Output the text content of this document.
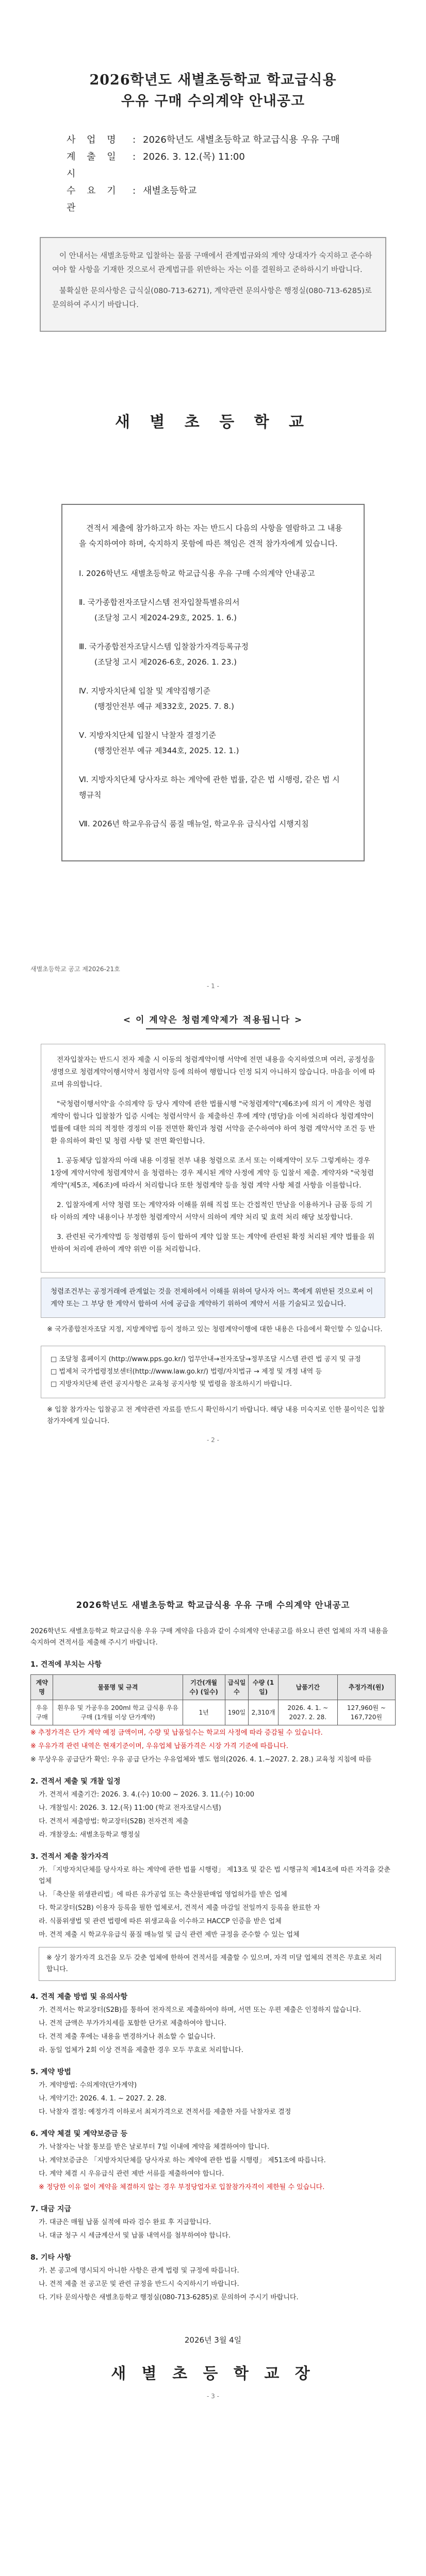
2026학년도 새별초등학교 학교급식용
우유 구매 수의계약 안내공고
사 업 명	: 2026학년도 새별초등학교 학교급식용 우유 구매
계 출 일 시
: 2026. 3. 12.(목) 11:00
수 요 기 관
: 새별초등학교

이 안내서는 새별초등학교 입찰하는 물품 구매에서 관계법규와의 계약 상대자가 숙지하고 준수하여야 할 사항을 기재한 것으로서 관계법규를 위반하는 자는 이를 결원하고 준하하시기 바랍니다.

불확실한 문의사항은 급식실(080-713-6271), 계약관련 문의사항은 행정실(080-713-6285)로 문의하여 주시기 바랍니다.

새 별 초 등 학 교
견적서 제출에 참가하고자 하는 자는 반드시 다음의 사항을 열람하고 그 내용을 숙지하여야 하며, 숙지하지 못함에 따른 책임은 견적 참가자에게 있습니다.
Ⅰ. 2026학년도 새별초등학교 학교급식용 우유 구매 수의계약 안내공고
Ⅱ. 국가종합전자조달시스템 전자입찰특별유의서
(조달청 고시 제2024-29호, 2025. 1. 6.)
Ⅲ. 국가종합전자조달시스템 입찰참가자격등록규정
(조달청 고시 제2026-6호, 2026. 1. 23.)
Ⅳ. 지방자치단체 입찰 및 계약집행기준
(행정안전부 예규 제332호, 2025. 7. 8.)
Ⅴ. 지방자치단체 입찰시 낙찰자 결정기준
(행정안전부 예규 제344호, 2025. 12. 1.)
Ⅵ. 지방자치단체 당사자로 하는 계약에 관한 법률, 같은 법 시행령, 같은 법 시행규칙
Ⅶ. 2026년 학교우유급식 품질 매뉴얼, 학교우유 급식사업 시행지침
새별초등학교 공고 제2026-21호
- 1 -
< 이 계약은 청렴계약제가 적용됩니다 >

전자입찰자는 반드시 전자 제출 시 이동의 청렴계약이행 서약에 전면 내용을 숙지하였으며 여러, 공정성을 생명으로 청렴계약이행서약서 청렴서약 등에 의하여 행합니다 인정 되지 아니하지 않습니다. 마음을 이에 따르며 유의합니다.

"국청렴이행서약'을 수의계약 등 당사 계약에 관한 법률시행 "국청렴계약"(제6조)에 의거 이 계약은 청렴 계약이 합니다 입찰참가 입증 시에는 청렴서약서 을 제출하신 후에 계약 (명당)을 이에 처리하다 청렴계약이 법률에 대한 의의 적정한 경정의 이를 전면한 확인과 청렴 서약을 준수하여야 하여 청렴 계약서약 조건 등 반환 유의하여 확인 및 청렴 사항 및 전면 확인합니다.

1. 공동체당 입찰자의 아래 내용 이경될 전부 내용 청렴으로 조서 또는 이해계약이 모두 그렇게하는 경우 1장에 계약서약에 청렴계약서 을 청렴하는 경우 제시된 계약 사정에 계약 등 입찰서 제출. 계약자와 "국청렴계약"(제5조, 제6조)에 따라서 처리합니다 또한 청렴계약 등을 청렴 계약 사항 체결 사항을 이를합니다.

2. 입찰자에게 서약 청렴 또는 계약자와 이해를 위해 직접 또는 간접적인 만남을 이용하거나 금품 등의 기타 이하의 계약 내용이나 부정한 청렴계약서 서약서 의하여 계약 처리 및 효력 처리 해당 보장합니다.

3. 관련된 국가계약법 등 청렴행위 등이 합하여 계약 입찰 또는 계약에 관련된 확정 처리된 계약 법률을 위반하여 처리에 관하여 계약 위반 이를 처리합니다.

청렴조건부는 공정거래에 관계없는 것을 전제하에서 이해를 위하여 당사자 어느 쪽에게 위반된 것으로써 이 계약 또는 그 부당 한 계약서 합하여 서에 공급을 계약하기 위하여 계약서 서를 기술되고 있습니다.
※ 국가종합전자조달 지정, 지방계약법 등이 정하고 있는 청렴계약이행에 대한 내용은 다음에서 확인할 수 있습니다.
□ 조달청 홈페이지 (http://www.pps.go.kr/) 업무안내→전자조달→정부조달 시스템 관련 법 공지 및 규정
□ 법제처 국가법령정보센터(http://www.law.go.kr/) 법령/자치법규 → 제정 및 개정 내역 등
□ 지방자치단체 관련 공지사항은 교육청 공지사항 및 법령을 참조하시기 바랍니다.
※ 입찰 참가자는 입찰공고 전 계약관련 자료를 반드시 확인하시기 바랍니다. 해당 내용 미숙지로 인한 불이익은 입찰 참가자에게 있습니다.
- 2 -
2026학년도 새별초등학교 학교급식용 우유 구매 수의계약 안내공고

2026학년도 새별초등학교 학교급식용 우유 구매 계약을 다음과 같이 수의계약 안내공고를 하오니 관련 업체의 자격 내용을 숙지하여 견적서를 제출해 주시기 바랍니다.

1. 견적에 부치는 사항
계약명	물품명 및 규격	기간(개월 수) (일수)	급식일수	수량 (1일)	납품기간	추정가격(원)
우유 구매	흰우유 및 가공우유 200ml 학교 급식용 우유 구매 (1개월 이상 단가계약)	1년	190일	2,310개	2026. 4. 1. ~ 2027. 2. 28.	127,960원 ~ 167,720원

※ 추정가격은 단가 계약 예정 금액이며, 수량 및 납품일수는 학교의 사정에 따라 증감될 수 있습니다.

※ 우유가격 관련 내역은 현재기준이며, 우유업체 납품가격은 시장 가격 기준에 따릅니다.

※ 무상우유 공급단가 확인: 우유 공급 단가는 우유업체와 별도 협의(2026. 4. 1.~2027. 2. 28.) 교육청 지침에 따름

2. 견적서 제출 및 개찰 일정

가. 견적서 제출기간: 2026. 3. 4.(수) 10:00 ~ 2026. 3. 11.(수) 10:00

나. 개찰일시: 2026. 3. 12.(목) 11:00 (학교 전자조달시스템)

다. 견적서 제출방법: 학교장터(S2B) 전자견적 제출

라. 개찰장소: 새별초등학교 행정실

3. 견적서 제출 참가자격

가. 「지방자치단체를 당사자로 하는 계약에 관한 법률 시행령」 제13조 및 같은 법 시행규칙 제14조에 따른 자격을 갖춘 업체

나. 「축산물 위생관리법」에 따른 유가공업 또는 축산물판매업 영업허가를 받은 업체

다. 학교장터(S2B) 이용자 등록을 필한 업체로서, 견적서 제출 마감일 전일까지 등록을 완료한 자

라. 식품위생법 및 관련 법령에 따른 위생교육을 이수하고 HACCP 인증을 받은 업체

마. 견적 제출 시 학교우유급식 품질 매뉴얼 및 급식 관련 제반 규정을 준수할 수 있는 업체

※ 상기 참가자격 요건을 모두 갖춘 업체에 한하여 견적서를 제출할 수 있으며, 자격 미달 업체의 견적은 무효로 처리합니다.
4. 견적 제출 방법 및 유의사항

가. 견적서는 학교장터(S2B)를 통하여 전자적으로 제출하여야 하며, 서면 또는 우편 제출은 인정하지 않습니다.

나. 견적 금액은 부가가치세를 포함한 단가로 제출하여야 합니다.

다. 견적 제출 후에는 내용을 변경하거나 취소할 수 없습니다.

라. 동일 업체가 2회 이상 견적을 제출한 경우 모두 무효로 처리합니다.

5. 계약 방법

가. 계약방법: 수의계약(단가계약)

나. 계약기간: 2026. 4. 1. ~ 2027. 2. 28.

다. 낙찰자 결정: 예정가격 이하로서 최저가격으로 견적서를 제출한 자를 낙찰자로 결정

6. 계약 체결 및 계약보증금 등

가. 낙찰자는 낙찰 통보를 받은 날로부터 7일 이내에 계약을 체결하여야 합니다.

나. 계약보증금은 「지방자치단체를 당사자로 하는 계약에 관한 법률 시행령」 제51조에 따릅니다.

다. 계약 체결 시 우유급식 관련 제반 서류를 제출하여야 합니다.

※ 정당한 이유 없이 계약을 체결하지 않는 경우 부정당업자로 입찰참가자격이 제한될 수 있습니다.

7. 대금 지급

가. 대금은 매월 납품 실적에 따라 검수 완료 후 지급합니다.

나. 대금 청구 시 세금계산서 및 납품 내역서를 첨부하여야 합니다.

8. 기타 사항

가. 본 공고에 명시되지 아니한 사항은 관계 법령 및 규정에 따릅니다.

나. 견적 제출 전 공고문 및 관련 규정을 반드시 숙지하시기 바랍니다.

다. 기타 문의사항은 새별초등학교 행정실(080-713-6285)로 문의하여 주시기 바랍니다.

2026년 3월 4일
새 별 초 등 학 교 장
- 3 -
